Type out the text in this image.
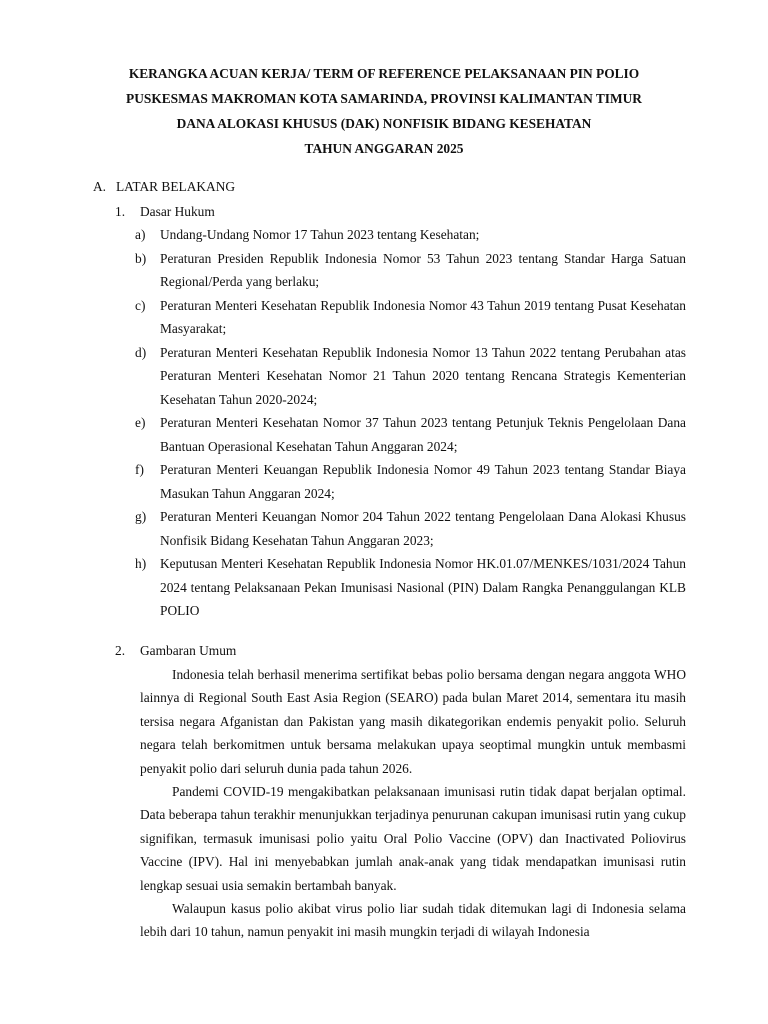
KERANGKA ACUAN KERJA/ TERM OF REFERENCE PELAKSANAAN PIN POLIO
PUSKESMAS MAKROMAN KOTA SAMARINDA, PROVINSI KALIMANTAN TIMUR
DANA ALOKASI KHUSUS (DAK) NONFISIK BIDANG KESEHATAN
TAHUN ANGGARAN 2025
A. LATAR BELAKANG
1. Dasar Hukum
a)	Undang-Undang Nomor 17 Tahun 2023 tentang Kesehatan;
b)	Peraturan Presiden Republik Indonesia Nomor 53 Tahun 2023 tentang Standar Harga Satuan Regional/Perda yang berlaku;
c)	Peraturan Menteri Kesehatan Republik Indonesia Nomor 43 Tahun 2019 tentang Pusat Kesehatan Masyarakat;
d)	Peraturan Menteri Kesehatan Republik Indonesia Nomor 13 Tahun 2022 tentang Perubahan atas Peraturan Menteri Kesehatan Nomor 21 Tahun 2020 tentang Rencana Strategis Kementerian Kesehatan Tahun 2020-2024;
e)	Peraturan Menteri Kesehatan Nomor 37 Tahun 2023 tentang Petunjuk Teknis Pengelolaan Dana Bantuan Operasional Kesehatan Tahun Anggaran 2024;
f)	Peraturan Menteri Keuangan Republik Indonesia Nomor 49 Tahun 2023 tentang Standar Biaya Masukan Tahun Anggaran 2024;
g)	Peraturan Menteri Keuangan Nomor 204 Tahun 2022 tentang Pengelolaan Dana Alokasi Khusus Nonfisik Bidang Kesehatan Tahun Anggaran 2023;
h)	Keputusan Menteri Kesehatan Republik Indonesia Nomor HK.01.07/MENKES/1031/2024 Tahun 2024 tentang Pelaksanaan Pekan Imunisasi Nasional (PIN) Dalam Rangka Penanggulangan KLB POLIO
2. Gambaran Umum

Indonesia telah berhasil menerima sertifikat bebas polio bersama dengan negara anggota WHO lainnya di Regional South East Asia Region (SEARO) pada bulan Maret 2014, sementara itu masih tersisa negara Afganistan dan Pakistan yang masih dikategorikan endemis penyakit polio. Seluruh negara telah berkomitmen untuk bersama melakukan upaya seoptimal mungkin untuk membasmi penyakit polio dari seluruh dunia pada tahun 2026.

Pandemi COVID-19 mengakibatkan pelaksanaan imunisasi rutin tidak dapat berjalan optimal. Data beberapa tahun terakhir menunjukkan terjadinya penurunan cakupan imunisasi rutin yang cukup signifikan, termasuk imunisasi polio yaitu Oral Polio Vaccine (OPV) dan Inactivated Poliovirus Vaccine (IPV). Hal ini menyebabkan jumlah anak-anak yang tidak mendapatkan imunisasi rutin lengkap sesuai usia semakin bertambah banyak.

Walaupun kasus polio akibat virus polio liar sudah tidak ditemukan lagi di Indonesia selama lebih dari 10 tahun, namun penyakit ini masih mungkin terjadi di wilayah Indonesia
